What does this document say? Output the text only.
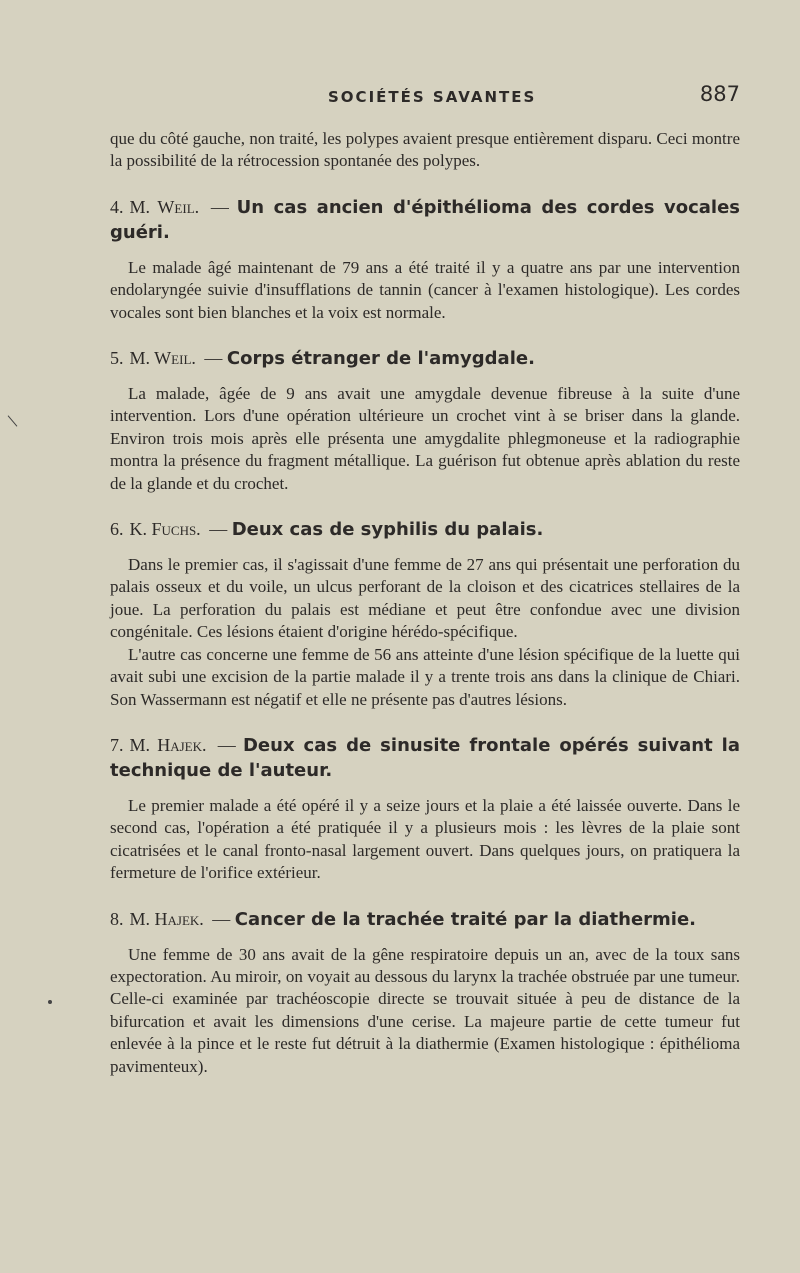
SOCIÉTÉS SAVANTES	887

que du côté gauche, non traité, les polypes avaient presque entièrement disparu. Ceci montre la possibilité de la rétrocession spontanée des polypes.

4. M. Weil. — Un cas ancien d'épithélioma des cordes vocales guéri.

Le malade âgé maintenant de 79 ans a été traité il y a quatre ans par une intervention endolaryngée suivie d'insufflations de tannin (cancer à l'examen histologique). Les cordes vocales sont bien blanches et la voix est normale.

5. M. Weil. — Corps étranger de l'amygdale.

La malade, âgée de 9 ans avait une amygdale devenue fibreuse à la suite d'une intervention. Lors d'une opération ultérieure un crochet vint à se briser dans la glande. Environ trois mois après elle présenta une amygdalite phlegmoneuse et la radiographie montra la présence du fragment métallique. La guérison fut obtenue après ablation du reste de la glande et du crochet.

6. K. Fuchs. — Deux cas de syphilis du palais.

Dans le premier cas, il s'agissait d'une femme de 27 ans qui présentait une perforation du palais osseux et du voile, un ulcus perforant de la cloison et des cicatrices stellaires de la joue. La perforation du palais est médiane et peut être confondue avec une division congénitale. Ces lésions étaient d'origine hérédo-spécifique.

L'autre cas concerne une femme de 56 ans atteinte d'une lésion spécifique de la luette qui avait subi une excision de la partie malade il y a trente trois ans dans la clinique de Chiari. Son Wassermann est négatif et elle ne présente pas d'autres lésions.

7. M. Hajek. — Deux cas de sinusite frontale opérés suivant la technique de l'auteur.

Le premier malade a été opéré il y a seize jours et la plaie a été laissée ouverte. Dans le second cas, l'opération a été pratiquée il y a plusieurs mois : les lèvres de la plaie sont cicatrisées et le canal fronto-nasal largement ouvert. Dans quelques jours, on pratiquera la fermeture de l'orifice extérieur.

8. M. Hajek. — Cancer de la trachée traité par la diathermie.

Une femme de 30 ans avait de la gêne respiratoire depuis un an, avec de la toux sans expectoration. Au miroir, on voyait au dessous du larynx la trachée obstruée par une tumeur. Celle-ci examinée par trachéoscopie directe se trouvait située à peu de distance de la bifurcation et avait les dimensions d'une cerise. La majeure partie de cette tumeur fut enlevée à la pince et le reste fut détruit à la diathermie (Examen histologique : épithélioma pavimenteux).
